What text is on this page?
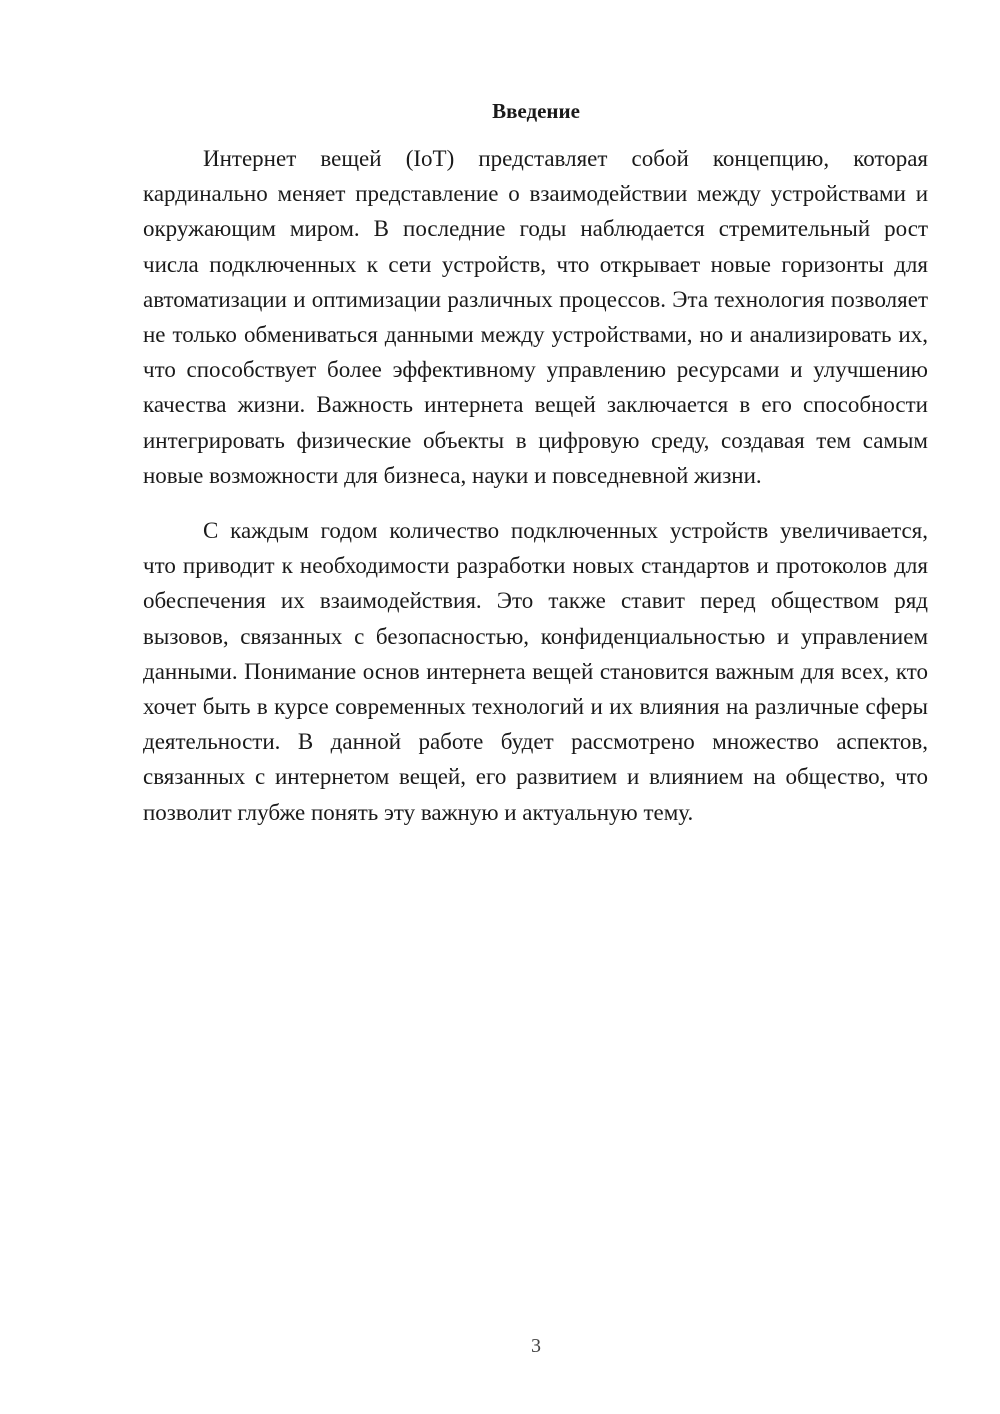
Введение

Интернет вещей (IoT) представляет собой концепцию, которая кардинально меняет представление о взаимодействии между устройствами и окружающим миром. В последние годы наблюдается стремительный рост числа подключенных к сети устройств, что открывает новые горизонты для автоматизации и оптимизации различных процессов. Эта технология позволяет не только обмениваться данными между устройствами, но и анализировать их, что способствует более эффективному управлению ресурсами и улучшению качества жизни. Важность интернета вещей заключается в его способности интегрировать физические объекты в цифровую среду, создавая тем самым новые возможности для бизнеса, науки и повседневной жизни.

С каждым годом количество подключенных устройств увеличивается, что приводит к необходимости разработки новых стандартов и протоколов для обеспечения их взаимодействия. Это также ставит перед обществом ряд вызовов, связанных с безопасностью, конфиденциальностью и управлением данными. Понимание основ интернета вещей становится важным для всех, кто хочет быть в курсе современных технологий и их влияния на различные сферы деятельности. В данной работе будет рассмотрено множество аспектов, связанных с интернетом вещей, его развитием и влиянием на общество, что позволит глубже понять эту важную и актуальную тему.

3
